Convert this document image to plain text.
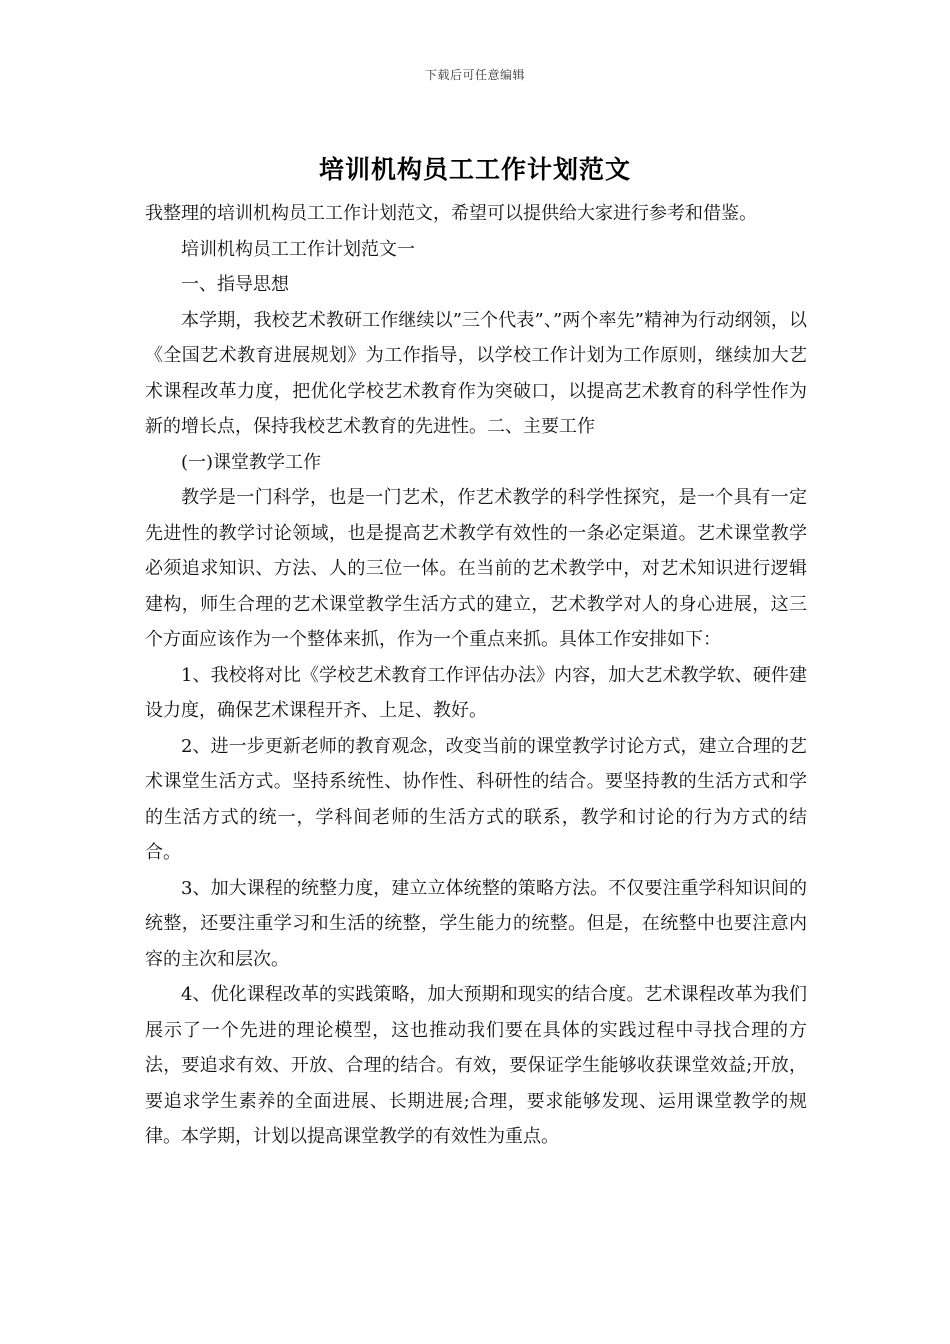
下载后可任意编辑
培训机构员工工作计划范文

我整理的培训机构员工工作计划范文，希望可以提供给大家进行参考和借鉴。

培训机构员工工作计划范文一

一、指导思想

本学期，我校艺术教研工作继续以”三个代表”、”两个率先”精神为行动纲领，以《全国艺术教育进展规划》为工作指导，以学校工作计划为工作原则，继续加大艺术课程改革力度，把优化学校艺术教育作为突破口，以提高艺术教育的科学性作为新的增长点，保持我校艺术教育的先进性。二、主要工作

(一)课堂教学工作

教学是一门科学，也是一门艺术，作艺术教学的科学性探究，是一个具有一定先进性的教学讨论领域，也是提高艺术教学有效性的一条必定渠道。艺术课堂教学必须追求知识、方法、人的三位一体。在当前的艺术教学中，对艺术知识进行逻辑建构，师生合理的艺术课堂教学生活方式的建立，艺术教学对人的身心进展，这三个方面应该作为一个整体来抓，作为一个重点来抓。具体工作安排如下：

1、我校将对比《学校艺术教育工作评估办法》内容，加大艺术教学软、硬件建设力度，确保艺术课程开齐、上足、教好。

2、进一步更新老师的教育观念，改变当前的课堂教学讨论方式，建立合理的艺术课堂生活方式。坚持系统性、协作性、科研性的结合。要坚持教的生活方式和学的生活方式的统一，学科间老师的生活方式的联系，教学和讨论的行为方式的结合。

3、加大课程的统整力度，建立立体统整的策略方法。不仅要注重学科知识间的统整，还要注重学习和生活的统整，学生能力的统整。但是，在统整中也要注意内容的主次和层次。

4、优化课程改革的实践策略，加大预期和现实的结合度。艺术课程改革为我们展示了一个先进的理论模型，这也推动我们要在具体的实践过程中寻找合理的方法，要追求有效、开放、合理的结合。有效，要保证学生能够收获课堂效益;开放，要追求学生素养的全面进展、长期进展;合理，要求能够发现、运用课堂教学的规律。本学期，计划以提高课堂教学的有效性为重点。
